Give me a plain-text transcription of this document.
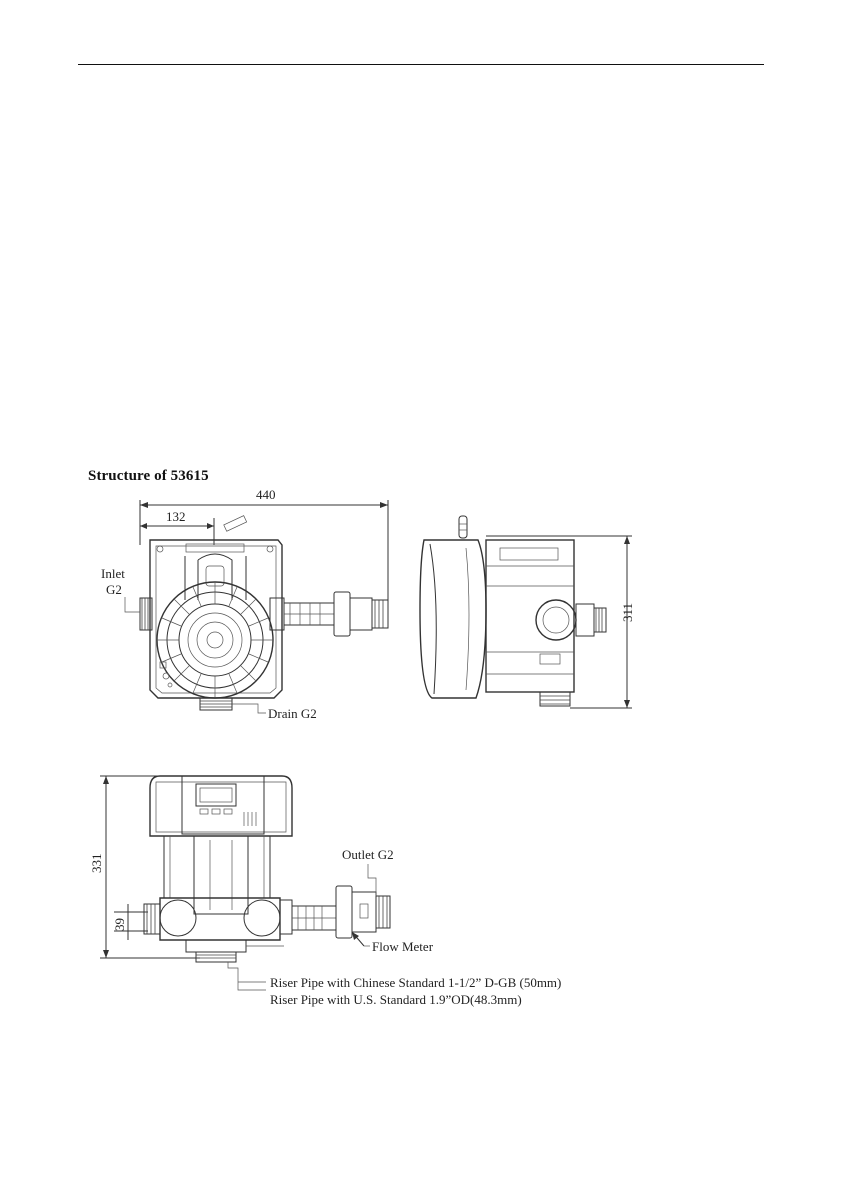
Structure of 53615
440
132
Inlet
G2
Drain G2
311
331
39
Outlet G2
Flow Meter
Riser Pipe with Chinese Standard 1-1/2” D-GB (50mm)
Riser Pipe with U.S. Standard 1.9”OD(48.3mm)
